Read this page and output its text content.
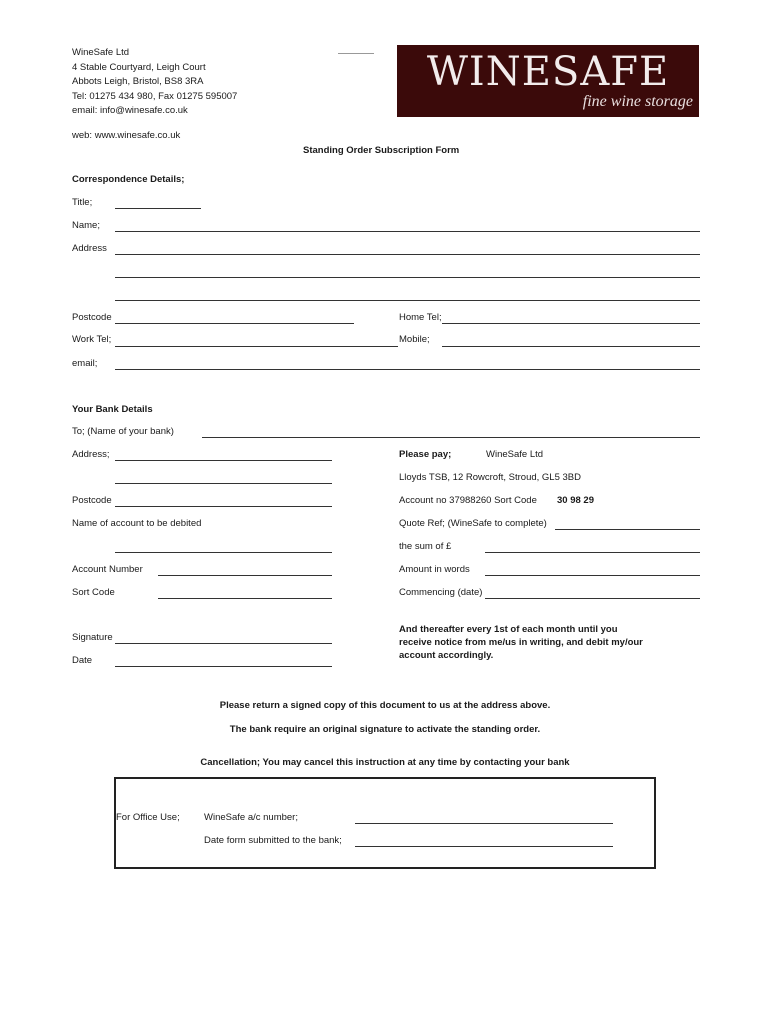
WineSafe Ltd
4 Stable Courtyard, Leigh Court
Abbots Leigh, Bristol, BS8 3RA
Tel: 01275 434 980, Fax 01275 595007
email: info@winesafe.co.uk
web: www.winesafe.co.uk
WINESAFE
fine wine storage
Standing Order Subscription Form
Correspondence Details;
Title;
Name;
Address
Postcode	Home Tel;
Work Tel;	Mobile;
email;
Your Bank Details
To; (Name of your bank)
Address;
Postcode
Name of account to be debited
Account Number
Sort Code
Signature
Date
Please pay;	WineSafe Ltd
Lloyds TSB, 12 Rowcroft, Stroud, GL5 3BD
Account no 37988260 Sort Code 30 98 29
Quote Ref; (WineSafe to complete)
the sum of £
Amount in words
Commencing (date)
And thereafter every 1st of each month until you
receive notice from me/us in writing, and debit my/our
account accordingly.
Please return a signed copy of this document to us at the address above.
The bank require an original signature to activate the standing order.
Cancellation; You may cancel this instruction at any time by contacting your bank
For Office Use;	WineSafe a/c number;
Date form submitted to the bank;
